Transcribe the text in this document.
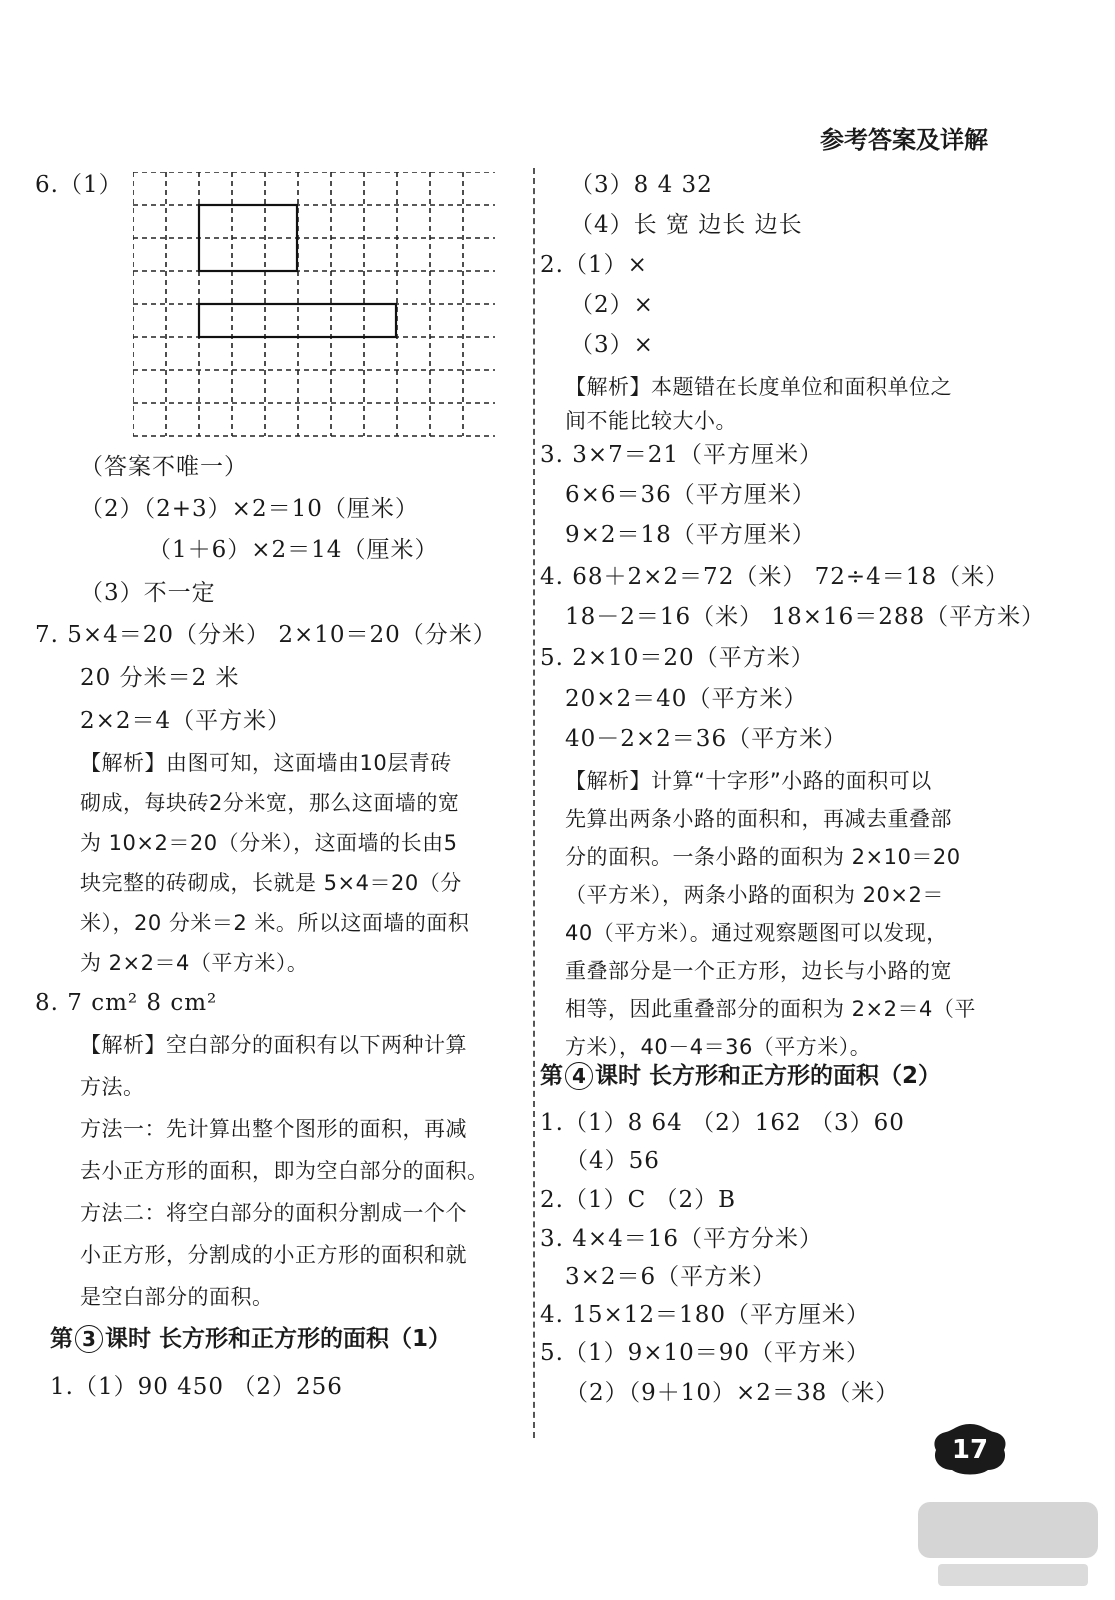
参考答案及详解
6.（1）
（答案不唯一）
（2）（2+3）×2＝10（厘米）
（1＋6）×2＝14（厘米）
（3）不一定
7. 5×4＝20（分米） 2×10＝20（分米）
20 分米＝2 米
2×2＝4（平方米）
【解析】由图可知，这面墙由10层青砖
砌成，每块砖2分米宽，那么这面墙的宽
为 10×2＝20（分米），这面墙的长由5
块完整的砖砌成，长就是 5×4＝20（分
米），20 分米＝2 米。所以这面墙的面积
为 2×2＝4（平方米）。
8. 7 cm² 8 cm²
【解析】空白部分的面积有以下两种计算
方法。
方法一：先计算出整个图形的面积，再减
去小正方形的面积，即为空白部分的面积。
方法二：将空白部分的面积分割成一个个
小正方形，分割成的小正方形的面积和就
是空白部分的面积。
1.（1）90 450 （2）256
（3）8 4 32
（4）长 宽 边长 边长
2.（1）×
（2）×
（3）×
【解析】本题错在长度单位和面积单位之
间不能比较大小。
3. 3×7＝21（平方厘米）
6×6＝36（平方厘米）
9×2＝18（平方厘米）
4. 68＋2×2＝72（米） 72÷4＝18（米）
18－2＝16（米） 18×16＝288（平方米）
5. 2×10＝20（平方米）
20×2＝40（平方米）
40－2×2＝36（平方米）
【解析】计算“十字形”小路的面积可以
先算出两条小路的面积和，再减去重叠部
分的面积。一条小路的面积为 2×10＝20
（平方米），两条小路的面积为 20×2＝
40（平方米）。通过观察题图可以发现，
重叠部分是一个正方形，边长与小路的宽
相等，因此重叠部分的面积为 2×2＝4（平
方米），40－4＝36（平方米）。
1.（1）8 64 （2）162 （3）60
（4）56
2.（1）C （2）B
3. 4×4＝16（平方分米）
3×2＝6（平方米）
4. 15×12＝180（平方厘米）
5.（1）9×10＝90（平方米）
（2）（9＋10）×2＝38（米）
第 3 课时 长方形和正方形的面积（1）
第 4 课时 长方形和正方形的面积（2）
17
